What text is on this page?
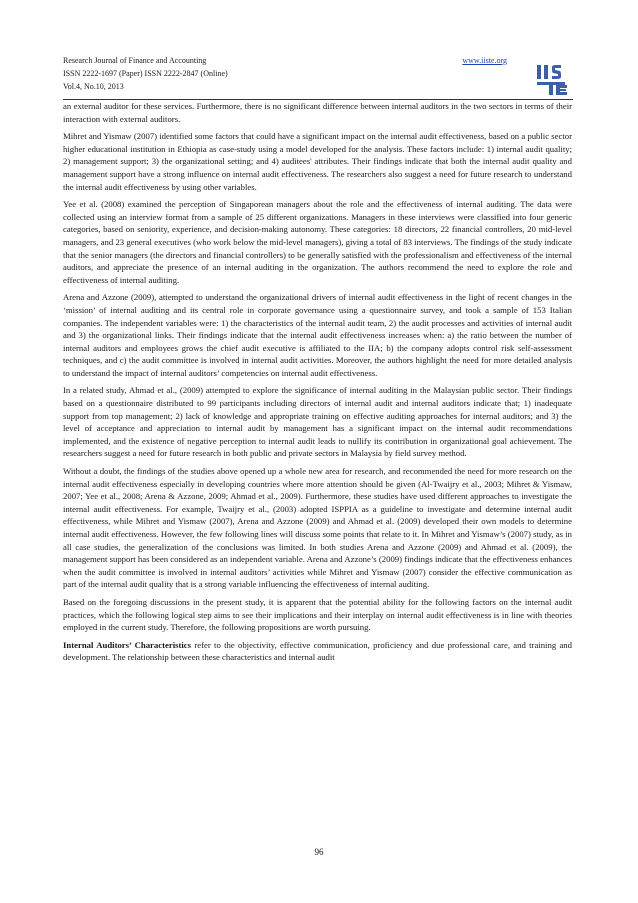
Research Journal of Finance and Accounting
ISSN 2222-1697 (Paper) ISSN 2222-2847 (Online)
Vol.4, No.10, 2013
www.iiste.org

an external auditor for these services. Furthermore, there is no significant difference between internal auditors in the two sectors in terms of their interaction with external auditors.

Mihret and Yismaw (2007) identified some factors that could have a significant impact on the internal audit effectiveness, based on a public sector higher educational institution in Ethiopia as case-study using a model developed for the analysis. These factors include: 1) internal audit quality; 2) management support; 3) the organizational setting; and 4) auditees' attributes. Their findings indicate that both the internal audit quality and management support have a strong influence on internal audit effectiveness. The researchers also suggest a need for future research to understand the internal audit effectiveness by using other variables.

Yee et al. (2008) examined the perception of Singaporean managers about the role and the effectiveness of internal auditing. The data were collected using an interview format from a sample of 25 different organizations. Managers in these interviews were classified into four generic categories, based on seniority, experience, and decision-making autonomy. These categories: 18 directors, 22 financial controllers, 20 mid-level managers, and 23 general executives (who work below the mid-level managers), giving a total of 83 interviews. The findings of the study indicate that the senior managers (the directors and financial controllers) to be generally satisfied with the professionalism and effectiveness of the internal auditors, and appreciate the presence of an internal auditing in the organization. The authors recommend the need to explore the role and effectiveness of internal auditing.

Arena and Azzone (2009), attempted to understand the organizational drivers of internal audit effectiveness in the light of recent changes in the ‘mission’ of internal auditing and its central role in corporate governance using a questionnaire survey, and took a sample of 153 Italian companies. The independent variables were: 1) the characteristics of the internal audit team, 2) the audit processes and activities of internal audit and 3) the organizational links. Their findings indicate that the internal audit effectiveness increases when: a) the ratio between the number of internal auditors and employees grows the chief audit executive is affiliated to the IIA; b) the company adopts control risk self-assessment techniques, and c) the audit committee is involved in internal audit activities. Moreover, the authors highlight the need for more detailed analysis to understand the impact of internal auditors’ competencies on internal audit effectiveness.

In a related study, Ahmad et al., (2009) attempted to explore the significance of internal auditing in the Malaysian public sector. Their findings based on a questionnaire distributed to 99 participants including directors of internal audit and internal auditors indicate that; 1) inadequate support from top management; 2) lack of knowledge and appropriate training on effective auditing approaches for internal auditors; and 3) the level of acceptance and appreciation to internal audit by management has a significant impact on the internal audit recommendations implemented, and the existence of negative perception to internal audit leads to nullify its contribution in organizational goal achievement. The researchers suggest a need for future research in both public and private sectors in Malaysia by field survey method.

Without a doubt, the findings of the studies above opened up a whole new area for research, and recommended the need for more research on the internal audit effectiveness especially in developing countries where more attention should be given (Al-Twaijry et al., 2003; Mihret & Yismaw, 2007; Yee et al., 2008; Arena & Azzone, 2009; Ahmad et al., 2009). Furthermore, these studies have used different approaches to investigate the internal audit effectiveness. For example, Twaijry et al., (2003) adopted ISPPIA as a guideline to investigate and determine internal audit effectiveness, while Mihret and Yismaw (2007), Arena and Azzone (2009) and Ahmad et al. (2009) developed their own models to determine internal audit effectiveness. However, the few following lines will discuss some points that relate to it. In Mihret and Yismaw’s (2007) study, as in all case studies, the generalization of the conclusions was limited. In both studies Arena and Azzone (2009) and Ahmad et al. (2009), the management support has been considered as an independent variable. Arena and Azzone’s (2009) findings indicate that the effectiveness enhances when the audit committee is involved in internal auditors’ activities while Mihret and Yismaw (2007) consider the effective communication as part of the internal audit quality that is a strong variable influencing the effectiveness of internal auditing.

Based on the foregoing discussions in the present study, it is apparent that the potential ability for the following factors on the internal audit practices, which the following logical step aims to see their implications and their interplay on internal audit effectiveness is in line with theories employed in the current study. Therefore, the following propositions are worth pursuing.

Internal Auditors’ Characteristics refer to the objectivity, effective communication, proficiency and due professional care, and training and development. The relationship between these characteristics and internal audit

96
